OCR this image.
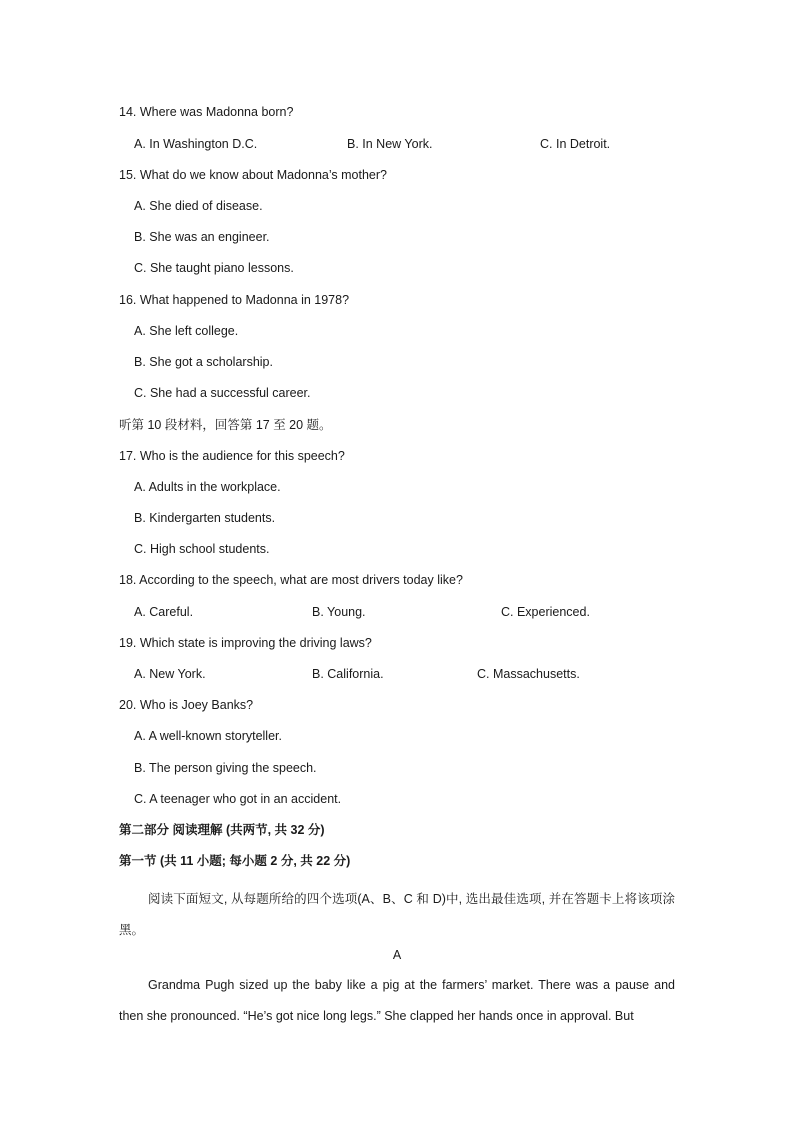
14. Where was Madonna born?
A. In Washington D.C.	B. In New York.	C. In Detroit.
15. What do we know about Madonna’s mother?
A. She died of disease.
B. She was an engineer.
C. She taught piano lessons.
16. What happened to Madonna in 1978?
A. She left college.
B. She got a scholarship.
C. She had a successful career.
听第 10 段材料，回答第 17 至 20 题。
17. Who is the audience for this speech?
A. Adults in the workplace.
B. Kindergarten students.
C. High school students.
18. According to the speech, what are most drivers today like?
A. Careful.	B. Young.	C. Experienced.
19. Which state is improving the driving laws?
A. New York.	B. California.	C. Massachusetts.
20. Who is Joey Banks?
A. A well-known storyteller.
B. The person giving the speech.
C. A teenager who got in an accident.
第二部分 阅读理解 (共两节, 共 32 分)
第一节 (共 11 小题; 每小题 2 分, 共 22 分)
阅读下面短文, 从每题所给的四个选项(A、B、C 和 D)中, 选出最佳选项, 并在答题卡上将该项涂黑。
A
Grandma Pugh sized up the baby like a pig at the farmers’ market. There was a pause and then she pronounced. “He’s got nice long legs.” She clapped her hands once in approval. But
